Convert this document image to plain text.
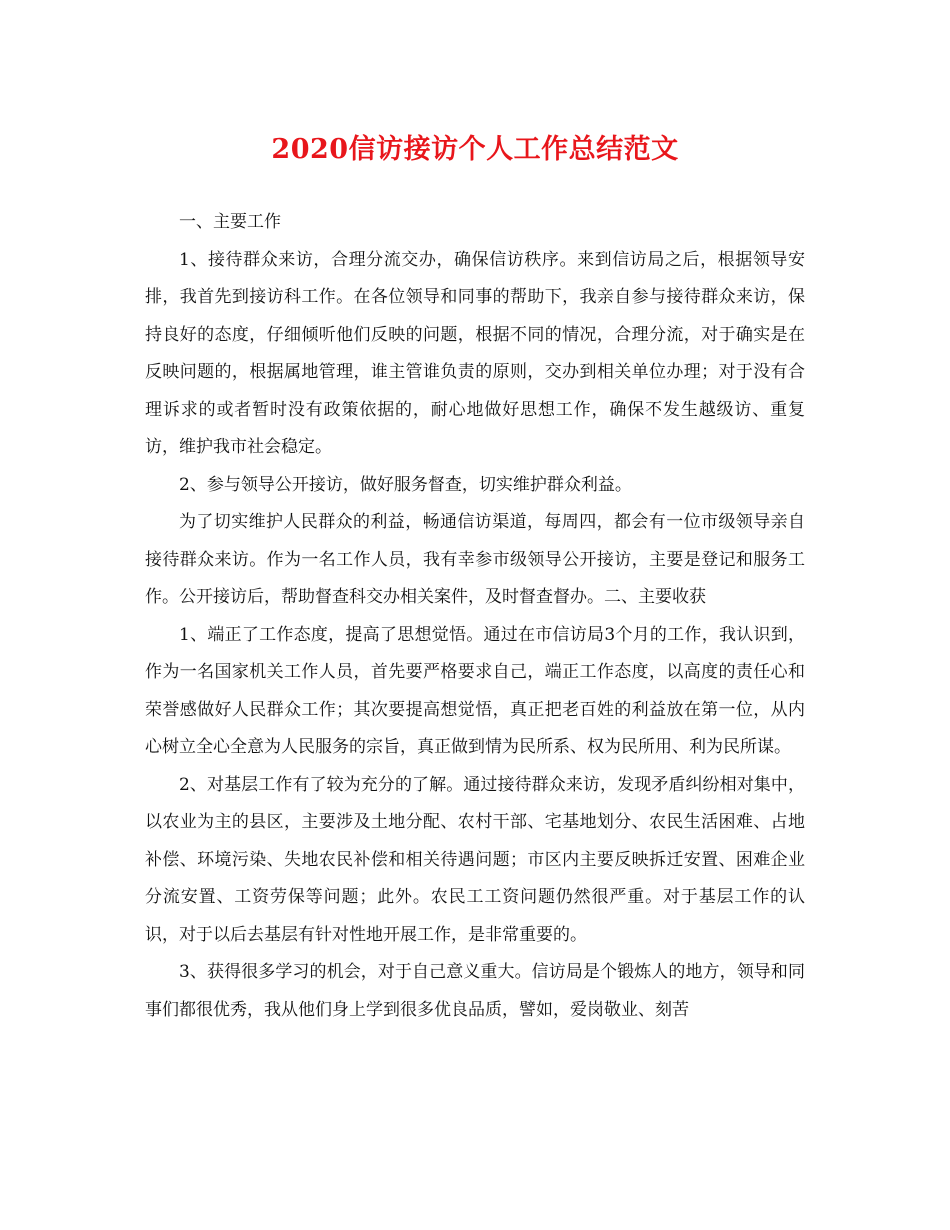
2020信访接访个人工作总结范文

一、主要工作

1、接待群众来访，合理分流交办，确保信访秩序。来到信访局之后，根据领导安排，我首先到接访科工作。在各位领导和同事的帮助下，我亲自参与接待群众来访，保持良好的态度，仔细倾听他们反映的问题，根据不同的情况，合理分流，对于确实是在反映问题的，根据属地管理，谁主管谁负责的原则，交办到相关单位办理；对于没有合理诉求的或者暂时没有政策依据的，耐心地做好思想工作，确保不发生越级访、重复访，维护我市社会稳定。

2、参与领导公开接访，做好服务督查，切实维护群众利益。

为了切实维护人民群众的利益，畅通信访渠道，每周四，都会有一位市级领导亲自接待群众来访。作为一名工作人员，我有幸参市级领导公开接访，主要是登记和服务工作。公开接访后，帮助督查科交办相关案件，及时督查督办。二、主要收获

1、端正了工作态度，提高了思想觉悟。通过在市信访局3个月的工作，我认识到，作为一名国家机关工作人员，首先要严格要求自己，端正工作态度，以高度的责任心和荣誉感做好人民群众工作；其次要提高想觉悟，真正把老百姓的利益放在第一位，从内心树立全心全意为人民服务的宗旨，真正做到情为民所系、权为民所用、利为民所谋。

2、对基层工作有了较为充分的了解。通过接待群众来访，发现矛盾纠纷相对集中，以农业为主的县区，主要涉及土地分配、农村干部、宅基地划分、农民生活困难、占地补偿、环境污染、失地农民补偿和相关待遇问题；市区内主要反映拆迁安置、困难企业分流安置、工资劳保等问题；此外。农民工工资问题仍然很严重。对于基层工作的认识，对于以后去基层有针对性地开展工作，是非常重要的。

3、获得很多学习的机会，对于自己意义重大。信访局是个锻炼人的地方，领导和同事们都很优秀，我从他们身上学到很多优良品质，譬如，爱岗敬业、刻苦
